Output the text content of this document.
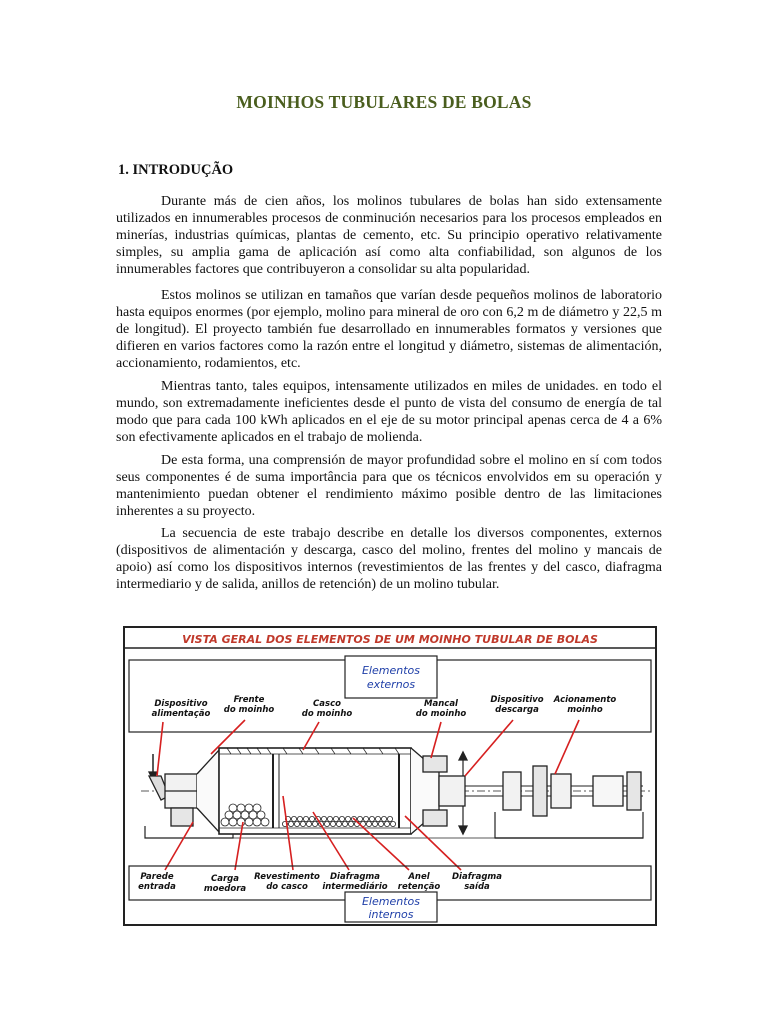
MOINHOS TUBULARES DE BOLAS
1. INTRODUÇÃO

Durante más de cien años, los molinos tubulares de bolas han sido extensamente utilizados en innumerables procesos de conminución necesarios para los procesos empleados en minerías, industrias químicas, plantas de cemento, etc. Su principio operativo relativamente simples, su amplia gama de aplicación así como alta confiabilidad, son algunos de los innumerables factores que contribuyeron a consolidar su alta popularidad.

Estos molinos se utilizan en tamaños que varían desde pequeños molinos de laboratorio hasta equipos enormes (por ejemplo, molino para mineral de oro con 6,2 m de diámetro y 22,5 m de longitud). El proyecto también fue desarrollado en innumerables formatos y versiones que difieren en varios factores como la razón entre el longitud y diámetro, sistemas de alimentación, accionamiento, rodamientos, etc.

Mientras tanto, tales equipos, intensamente utilizados en miles de unidades. en todo el mundo, son extremadamente ineficientes desde el punto de vista del consumo de energía de tal modo que para cada 100 kWh aplicados en el eje de su motor principal apenas cerca de 4 a 6% son efectivamente aplicados en el trabajo de molienda.

De esta forma, una comprensión de mayor profundidad sobre el molino en sí com todos seus componentes é de suma importância para que os técnicos envolvidos em su operación y mantenimiento puedan obtener el rendimiento máximo posible dentro de las limitaciones inherentes a su proyecto.

La secuencia de este trabajo describe en detalle los diversos componentes, externos (dispositivos de alimentación y descarga, casco del molino, frentes del molino y mancais de apoio) así como los dispositivos internos (revestimientos de las frentes y del casco, diafragma intermediario y de salida, anillos de retención) de un molino tubular.

VISTA GERAL DOS ELEMENTOS DE UM MOINHO TUBULAR DE BOLAS
Elementos
externos
Dispositivo
alimentação
Frente
do moinho
Casco
do moinho
Mancal
do moinho
Dispositivo
descarga
Acionamento
moinho
Elementos
internos
Parede
entrada
Carga
moedora
Revestimento
do casco
Diafragma
intermediário
Anel
retenção
Diafragma
saída
